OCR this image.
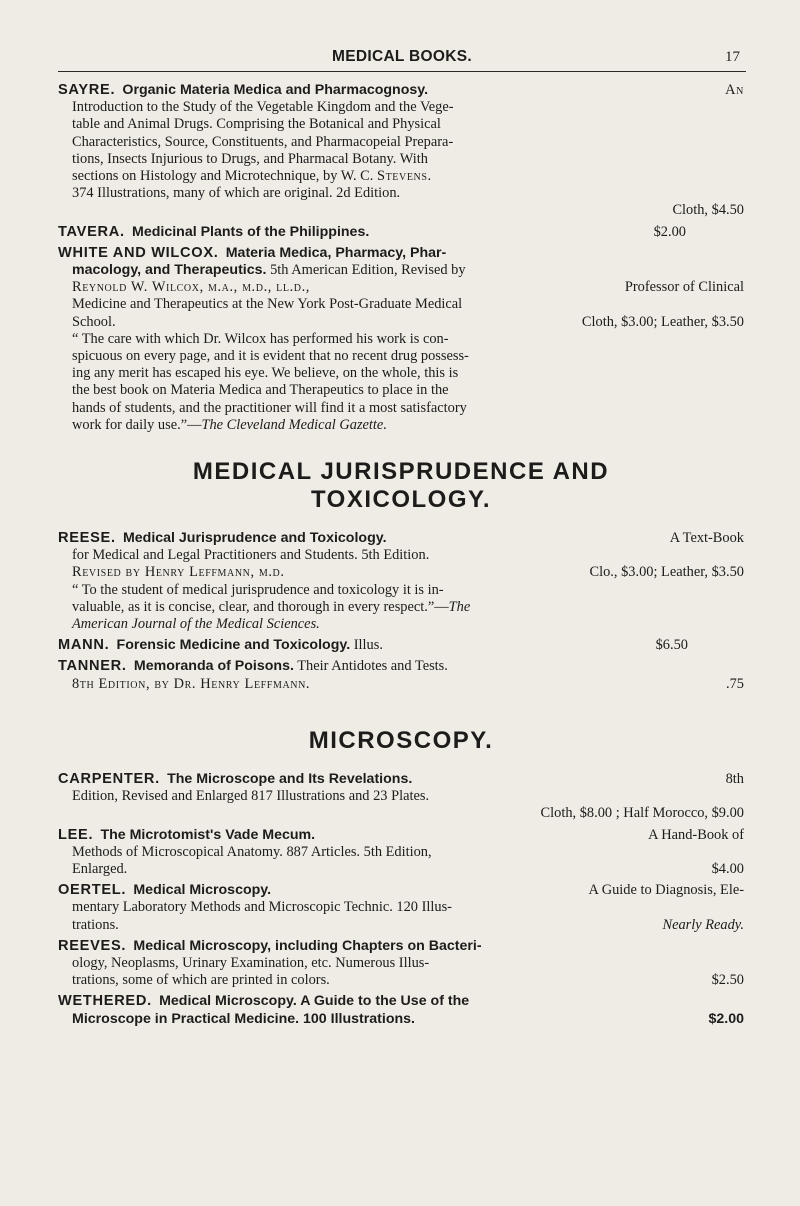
MEDICAL BOOKS.	17
SAYRE. Organic Materia Medica and Pharmacognosy.	An
Introduction to the Study of the Vegetable Kingdom and the Vege-
table and Animal Drugs. Comprising the Botanical and Physical
Characteristics, Source, Constituents, and Pharmacopeial Prepara-
tions, Insects Injurious to Drugs, and Pharmacal Botany. With
sections on Histology and Microtechnique, by W. C. Stevens.
374 Illustrations, many of which are original. 2d Edition.
Cloth, $4.50
TAVERA. Medicinal Plants of the Philippines.	$2.00
WHITE AND WILCOX. Materia Medica, Pharmacy, Phar-
macology, and Therapeutics. 5th American Edition, Revised by
Reynold W. Wilcox, m.a., m.d., ll.d.,	Professor of Clinical
Medicine and Therapeutics at the New York Post-Graduate Medical
School.	Cloth, $3.00; Leather, $3.50
“ The care with which Dr. Wilcox has performed his work is con-
spicuous on every page, and it is evident that no recent drug possess-
ing any merit has escaped his eye. We believe, on the whole, this is
the best book on Materia Medica and Therapeutics to place in the
hands of students, and the practitioner will find it a most satisfactory
work for daily use.”—The Cleveland Medical Gazette.
MEDICAL JURISPRUDENCE AND
TOXICOLOGY.
REESE. Medical Jurisprudence and Toxicology.	A Text-Book
for Medical and Legal Practitioners and Students. 5th Edition.
Revised by Henry Leffmann, m.d.	Clo., $3.00; Leather, $3.50
“ To the student of medical jurisprudence and toxicology it is in-
valuable, as it is concise, clear, and thorough in every respect.”—The
American Journal of the Medical Sciences.
MANN. Forensic Medicine and Toxicology. Illus.	$6.50
TANNER. Memoranda of Poisons. Their Antidotes and Tests.
8th Edition, by Dr. Henry Leffmann.	.75
MICROSCOPY.
CARPENTER. The Microscope and Its Revelations.	8th
Edition, Revised and Enlarged 817 Illustrations and 23 Plates.
Cloth, $8.00 ; Half Morocco, $9.00
LEE. The Microtomist's Vade Mecum.	A Hand-Book of
Methods of Microscopical Anatomy. 887 Articles. 5th Edition,
Enlarged.	$4.00
OERTEL. Medical Microscopy.	A Guide to Diagnosis, Ele-
mentary Laboratory Methods and Microscopic Technic. 120 Illus-
trations.	Nearly Ready.
REEVES. Medical Microscopy, including Chapters on Bacteri-
ology, Neoplasms, Urinary Examination, etc. Numerous Illus-
trations, some of which are printed in colors.	$2.50
WETHERED. Medical Microscopy. A Guide to the Use of the
Microscope in Practical Medicine. 100 Illustrations.	$2.00
